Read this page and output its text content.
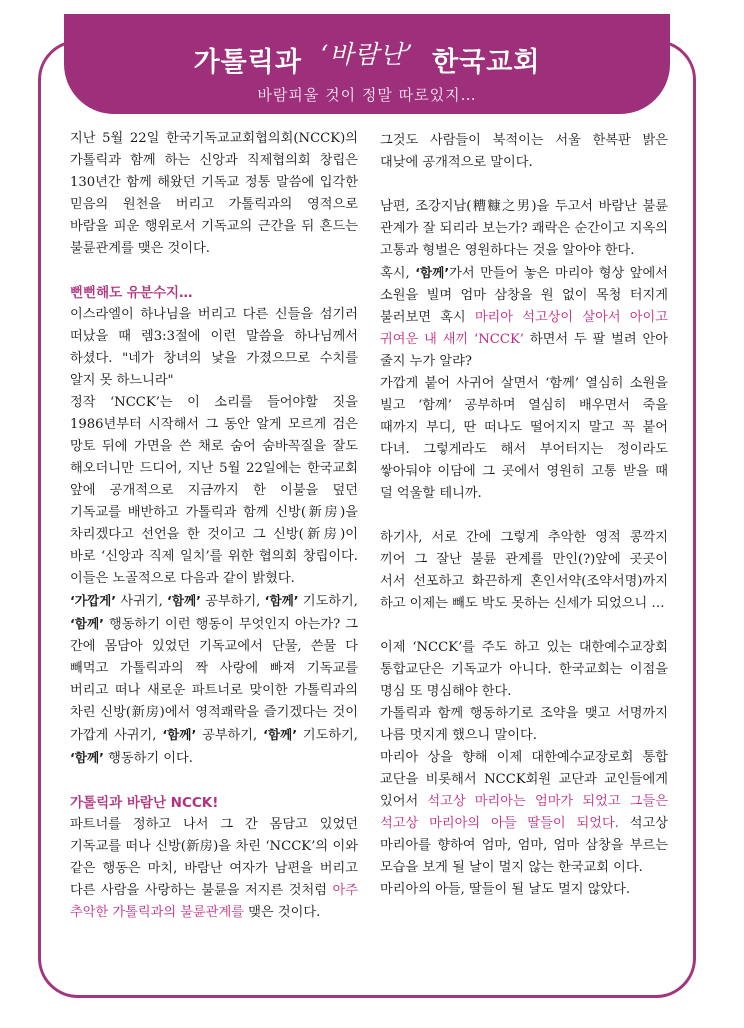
가톨릭과 ‘바람난’ 한국교회
바람피울 것이 정말 따로있지…

지난 5월 22일 한국기독교교회협의회(NCCK)의 가톨릭과 함께 하는 신앙과 직제협의회 창립은 130년간 함께 해왔던 기독교 정통 말씀에 입각한 믿음의 원천을 버리고 가톨릭과의 영적으로 바람을 피운 행위로서 기독교의 근간을 뒤 흔드는 불륜관계를 맺은 것이다.

뻔뻔해도 유분수지…

이스라엘이 하나님을 버리고 다른 신들을 섬기러 떠났을 때 렘3:3절에 이런 말씀을 하나님께서 하셨다. "네가 창녀의 낯을 가졌으므로 수치를 알지 못 하느니라"

정작 ‘NCCK’는 이 소리를 들어야할 짓을 1986년부터 시작해서 그 동안 알게 모르게 검은 망토 뒤에 가면을 쓴 채로 숨어 숨바꼭질을 잘도 해오더니만 드디어, 지난 5월 22일에는 한국교회 앞에 공개적으로 지금까지 한 이불을 덮던 기독교를 배반하고 가톨릭과 함께 신방(新房)을 차리겠다고 선언을 한 것이고 그 신방(新房)이 바로 ‘신앙과 직제 일치’를 위한 협의회 창립이다. 이들은 노골적으로 다음과 같이 밝혔다.

‘가깝게’ 사귀기, ‘함께’ 공부하기, ‘함께’ 기도하기, ‘함께’ 행동하기 이런 행동이 무엇인지 아는가? 그 간에 몸담아 있었던 기독교에서 단물, 쓴물 다 빼먹고 가톨릭과의 짝 사랑에 빠져 기독교를 버리고 떠나 새로운 파트너로 맞이한 가톨릭과의 차린 신방(新房)에서 영적쾌락을 즐기겠다는 것이 가깝게 사귀기, ‘함께’ 공부하기, ‘함께’ 기도하기, ‘함께’ 행동하기 이다.

가톨릭과 바람난 NCCK!

파트너를 정하고 나서 그 간 몸담고 있었던 기독교를 떠나 신방(新房)을 차린 ‘NCCK’의 이와 같은 행동은 마치, 바람난 여자가 남편을 버리고 다른 사람을 사랑하는 불륜을 저지른 것처럼 아주 추악한 가톨릭과의 불륜관계를 맺은 것이다.

그것도 사람들이 북적이는 서울 한복판 밝은 대낮에 공개적으로 말이다.

남편, 조강지남(糟糠之男)을 두고서 바람난 불륜 관계가 잘 되리라 보는가? 쾌락은 순간이고 지옥의 고통과 형벌은 영원하다는 것을 알아야 한다.

혹시, ‘함께’가서 만들어 놓은 마리아 형상 앞에서 소원을 빌며 엄마 삼창을 원 없이 목청 터지게 불러보면 혹시 마리아 석고상이 살아서 아이고 귀여운 내 새끼 ‘NCCK’ 하면서 두 팔 벌려 안아 줄지 누가 알랴?

가깝게 붙어 사귀어 살면서 ‘함께’ 열심히 소원을 빌고 ‘함께’ 공부하며 열심히 배우면서 죽을 때까지 부디, 딴 떠나도 떨어지지 말고 꼭 붙어 다녀. 그렇게라도 해서 부어터지는 정이라도 쌓아둬야 이담에 그 곳에서 영원히 고통 받을 때 덜 억울할 테니까.

하기사, 서로 간에 그렇게 추악한 영적 콩깍지 끼어 그 잘난 불륜 관계를 만인(?)앞에 곳곳이 서서 선포하고 화끈하게 혼인서약(조약서명)까지 하고 이제는 빼도 박도 못하는 신세가 되었으니 …

이제 ‘NCCK’를 주도 하고 있는 대한예수교장회 통합교단은 기독교가 아니다. 한국교회는 이점을 명심 또 명심해야 한다.

가톨릭과 함께 행동하기로 조약을 맺고 서명까지 나름 멋지게 했으니 말이다.

마리아 상을 향해 이제 대한예수교장로회 통합 교단을 비롯해서 NCCK회원 교단과 교인들에게 있어서 석고상 마리아는 엄마가 되었고 그들은 석고상 마리아의 아들 딸들이 되었다. 석고상 마리아를 향하여 엄마, 엄마, 엄마 삼창을 부르는 모습을 보게 될 날이 멀지 않는 한국교회 이다.

마리아의 아들, 딸들이 될 날도 멀지 않았다.
